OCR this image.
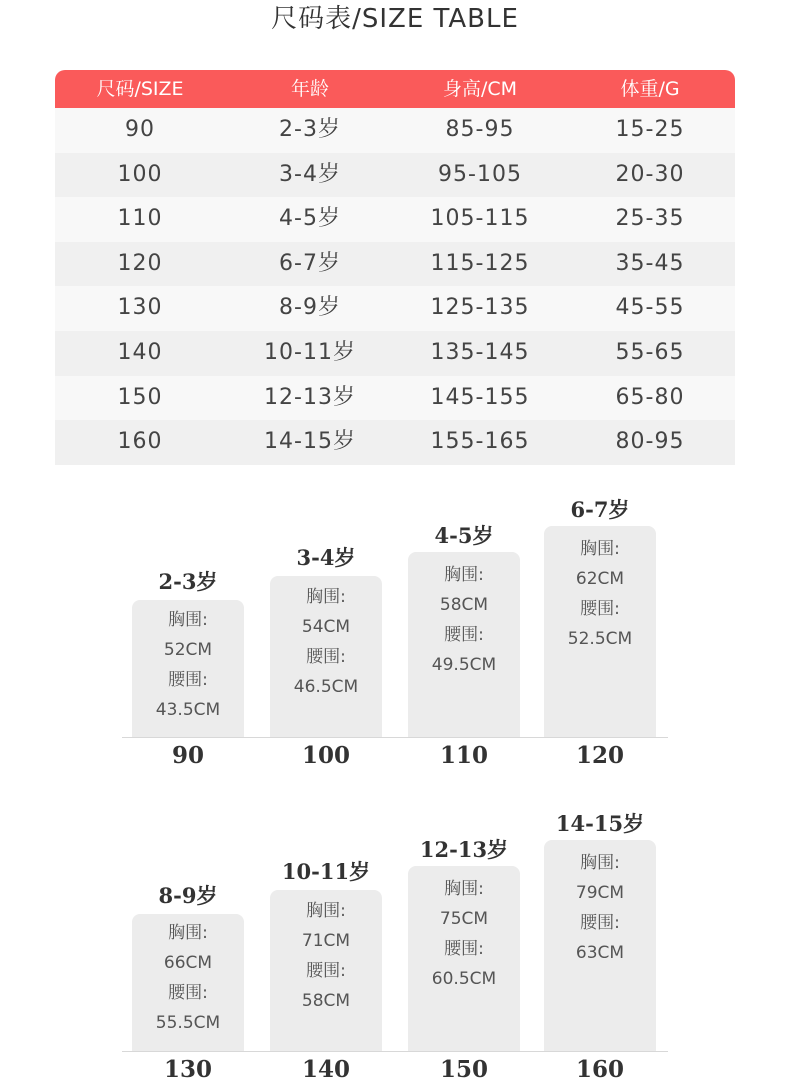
尺码表/SIZE TABLE
尺码/SIZE	年龄	身高/CM	体重/G
90	2-3岁	85-95	15-25
100	3-4岁	95-105	20-30
110	4-5岁	105-115	25-35
120	6-7岁	115-125	35-45
130	8-9岁	125-135	45-55
140	10-11岁	135-145	55-65
150	12-13岁	145-155	65-80
160	14-15岁	155-165	80-95
2-3岁
胸围:
52CM
腰围:
43.5CM
3-4岁
胸围:
54CM
腰围:
46.5CM
4-5岁
胸围:
58CM
腰围:
49.5CM
6-7岁
胸围:
62CM
腰围:
52.5CM
90	100	110	120
8-9岁
胸围:
66CM
腰围:
55.5CM
10-11岁
胸围:
71CM
腰围:
58CM
12-13岁
胸围:
75CM
腰围:
60.5CM
14-15岁
胸围:
79CM
腰围:
63CM
130	140	150	160
